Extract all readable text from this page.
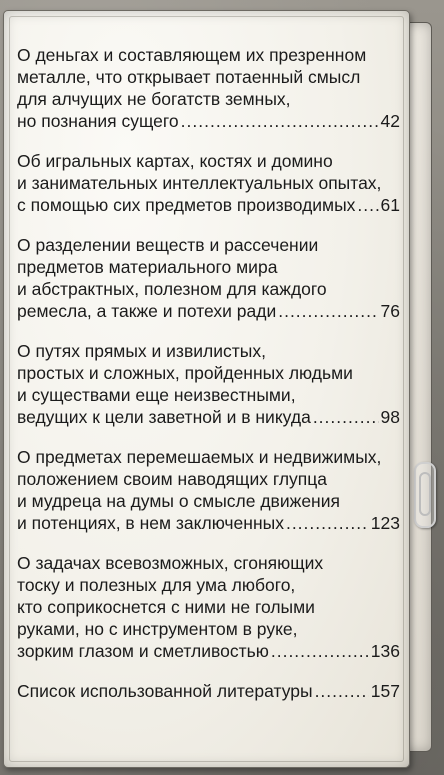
О деньгах и составляющем их презренном
металле, что открывает потаенный смысл
для алчущих не богатств земных,
но познания сущего .....	42
Об игральных картах, костях и домино
и занимательных интеллектуальных опытах,
с помощью сих предметов производимых ..... 61
О разделении веществ и рассечении
предметов материального мира
и абстрактных, полезном для каждого
ремесла, а также и потехи ради .....	76
О путях прямых и извилистых,
простых и сложных, пройденных людьми
и существами еще неизвестными,
ведущих к цели заветной и в никуда .....	98
О предметах перемешаемых и недвижимых,
положением своим наводящих глупца
и мудреца на думы о смысле движения
и потенциях, в нем заключенных .....	123
О задачах всевозможных, сгоняющих
тоску и полезных для ума любого,
кто соприкоснется с ними не голыми
руками, но с инструментом в руке,
зорким глазом и сметливостью .....	136
Список использованной литературы .....	157
